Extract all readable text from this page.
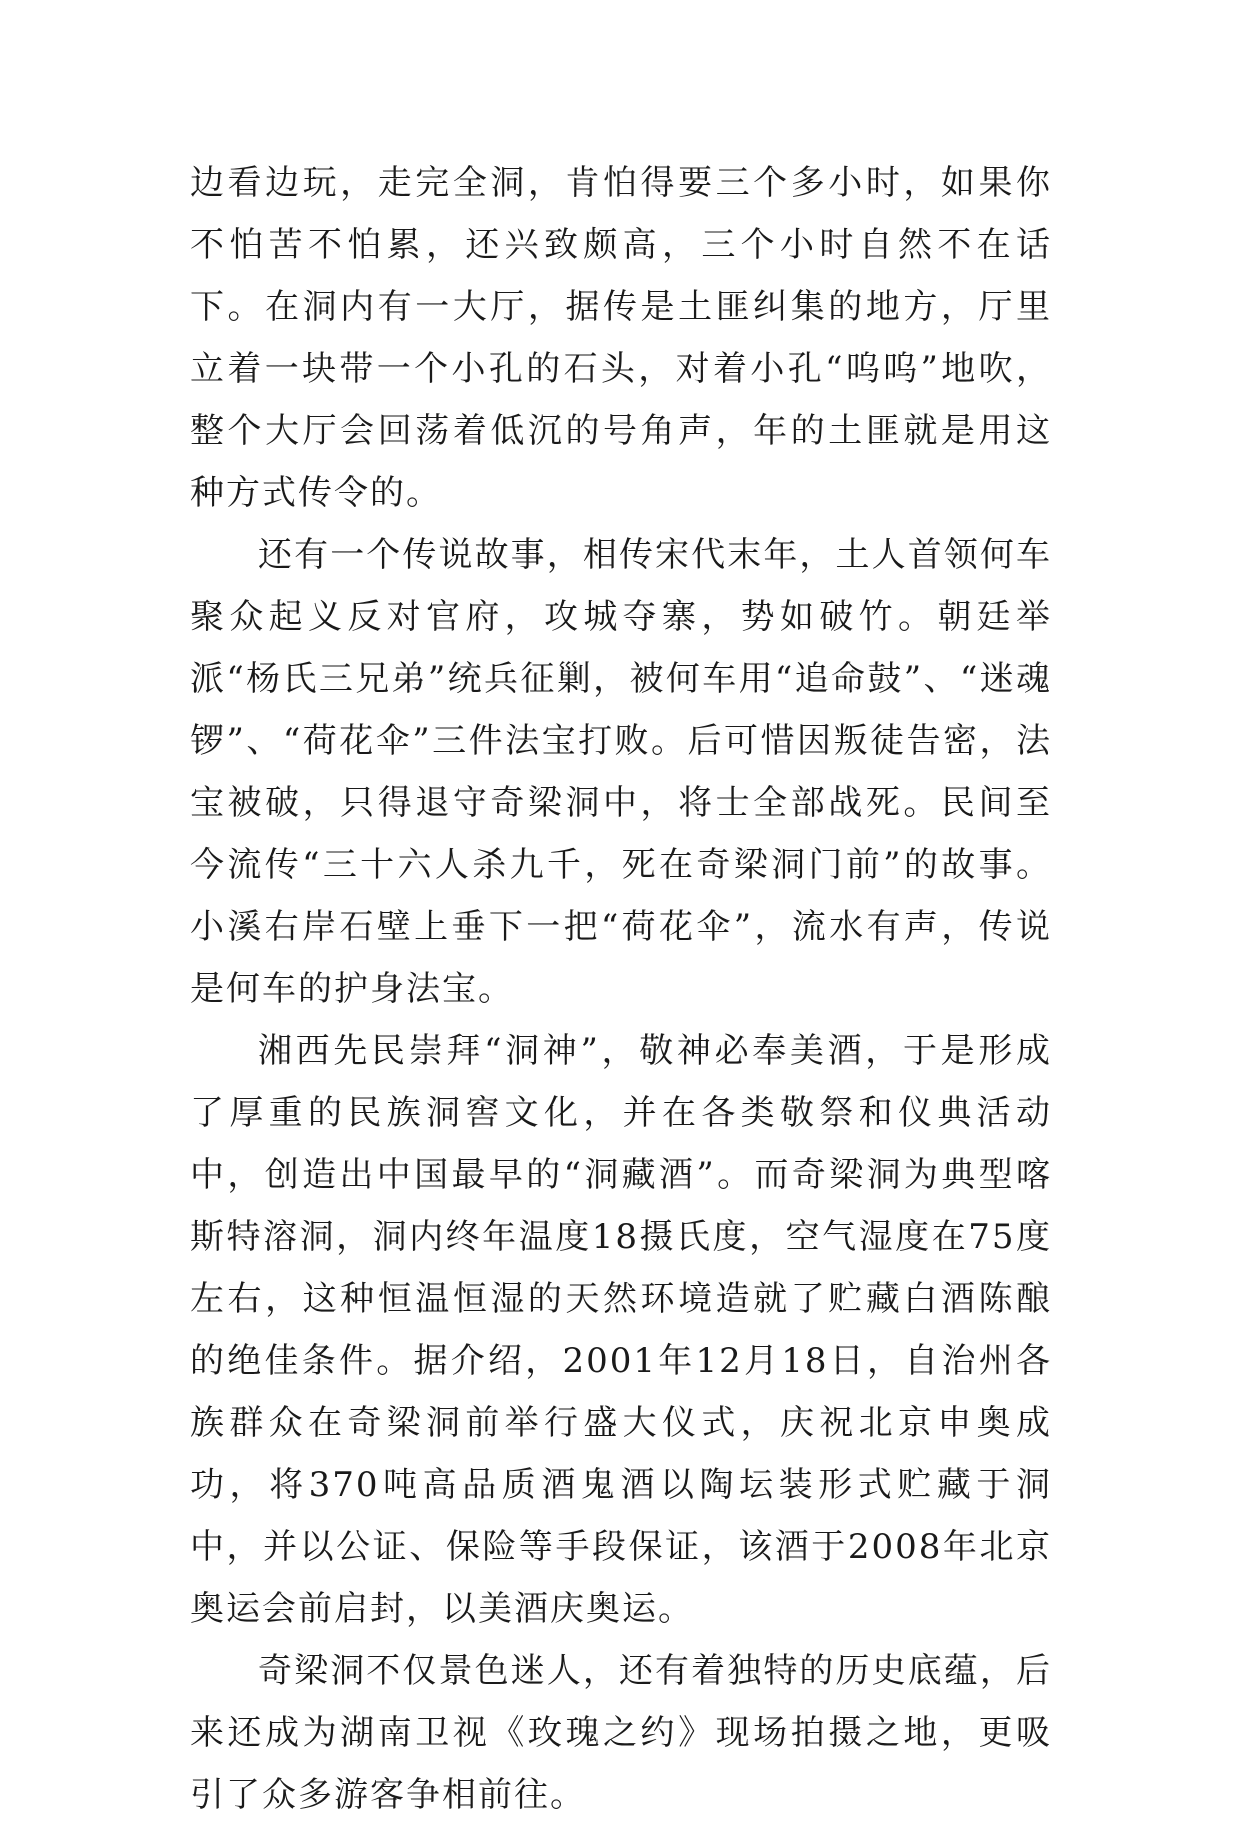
边看边玩，走完全洞，肯怕得要三个多小时，如果你不怕苦不怕累，还兴致颇高，三个小时自然不在话下。在洞内有一大厅，据传是土匪纠集的地方，厅里立着一块带一个小孔的石头，对着小孔“呜呜”地吹，整个大厅会回荡着低沉的号角声，年的土匪就是用这种方式传令的。

还有一个传说故事，相传宋代末年，土人首领何车聚众起义反对官府，攻城夺寨，势如破竹。朝廷举派“杨氏三兄弟”统兵征剿，被何车用“追命鼓”、“迷魂锣”、“荷花伞”三件法宝打败。后可惜因叛徒告密，法宝被破，只得退守奇梁洞中，将士全部战死。民间至今流传“三十六人杀九千，死在奇梁洞门前”的故事。小溪右岸石壁上垂下一把“荷花伞”，流水有声，传说是何车的护身法宝。

湘西先民崇拜“洞神”，敬神必奉美酒，于是形成了厚重的民族洞窖文化，并在各类敬祭和仪典活动中，创造出中国最早的“洞藏酒”。而奇梁洞为典型喀斯特溶洞，洞内终年温度18摄氏度，空气湿度在75度左右，这种恒温恒湿的天然环境造就了贮藏白酒陈酿的绝佳条件。据介绍，2001年12月18日，自治州各族群众在奇梁洞前举行盛大仪式，庆祝北京申奥成功，将370吨高品质酒鬼酒以陶坛装形式贮藏于洞中，并以公证、保险等手段保证，该酒于2008年北京奥运会前启封，以美酒庆奥运。

奇梁洞不仅景色迷人，还有着独特的历史底蕴，后来还成为湖南卫视《玫瑰之约》现场拍摄之地，更吸引了众多游客争相前往。
